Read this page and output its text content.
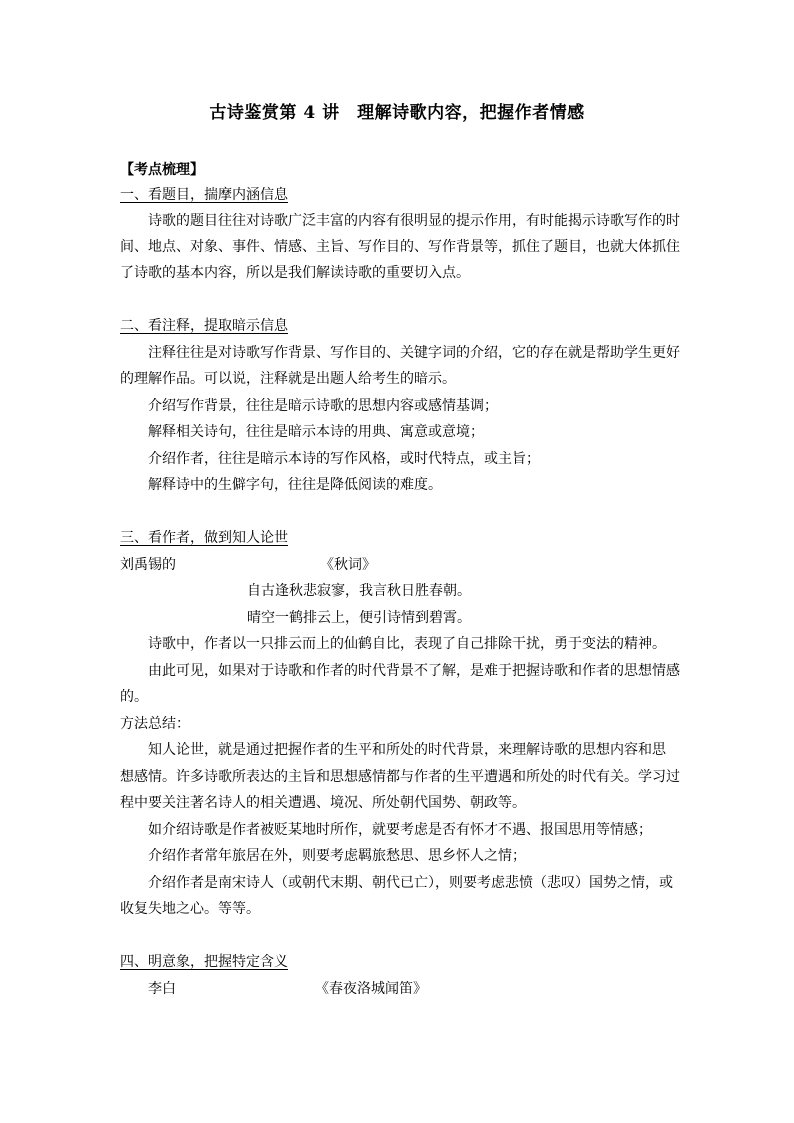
古诗鉴赏第 4 讲　理解诗歌内容，把握作者情感
【考点梳理】
一、看题目，揣摩内涵信息
诗歌的题目往往对诗歌广泛丰富的内容有很明显的提示作用，有时能揭示诗歌写作的时
间、地点、对象、事件、情感、主旨、写作目的、写作背景等，抓住了题目，也就大体抓住
了诗歌的基本内容，所以是我们解读诗歌的重要切入点。
二、看注释，提取暗示信息
注释往往是对诗歌写作背景、写作目的、关键字词的介绍，它的存在就是帮助学生更好
的理解作品。可以说，注释就是出题人给考生的暗示。
介绍写作背景，往往是暗示诗歌的思想内容或感情基调；
解释相关诗句，往往是暗示本诗的用典、寓意或意境；
介绍作者，往往是暗示本诗的写作风格，或时代特点，或主旨；
解释诗中的生僻字句，往往是降低阅读的难度。
三、看作者，做到知人论世
刘禹锡的	《秋词》
自古逢秋悲寂寥，我言秋日胜春朝。
晴空一鹤排云上，便引诗情到碧霄。
诗歌中，作者以一只排云而上的仙鹤自比，表现了自己排除干扰，勇于变法的精神。
由此可见，如果对于诗歌和作者的时代背景不了解，是难于把握诗歌和作者的思想情感
的。
方法总结：
知人论世，就是通过把握作者的生平和所处的时代背景，来理解诗歌的思想内容和思
想感情。许多诗歌所表达的主旨和思想感情都与作者的生平遭遇和所处的时代有关。学习过
程中要关注著名诗人的相关遭遇、境况、所处朝代国势、朝政等。
如介绍诗歌是作者被贬某地时所作，就要考虑是否有怀才不遇、报国思用等情感；
介绍作者常年旅居在外，则要考虑羁旅愁思、思乡怀人之情；
介绍作者是南宋诗人（或朝代末期、朝代已亡），则要考虑悲愤（悲叹）国势之情，或
收复失地之心。等等。
四、明意象，把握特定含义
李白	《春夜洛城闻笛》
